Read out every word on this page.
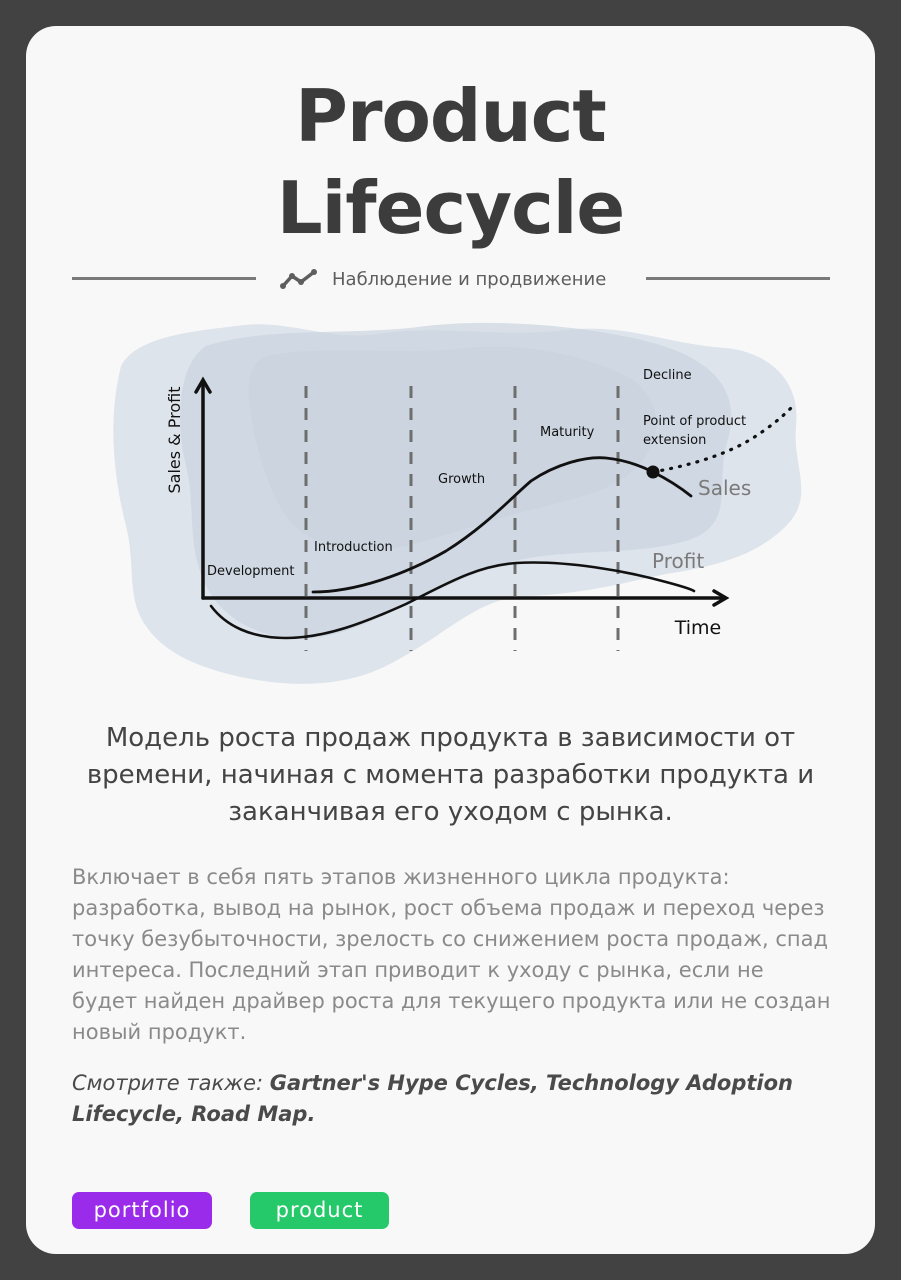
Product
Lifecycle
Наблюдение и продвижение
Sales & Profit
Time
Development
Introduction
Growth
Maturity
Decline
Point of product
extension
Sales
Profit
Модель роста продаж продукта в зависимости от времени, начиная с момента разработки продукта и заканчивая его уходом с рынка.
Включает в себя пять этапов жизненного цикла продукта: разработка, вывод на рынок, рост объема продаж и переход через точку безубыточности, зрелость со снижением роста продаж, спад интереса. Последний этап приводит к уходу с рынка, если не будет найден драйвер роста для текущего продукта или не создан новый продукт.
Смотрите также: Gartner's Hype Cycles, Technology Adoption Lifecycle, Road Map.
portfolio	product
